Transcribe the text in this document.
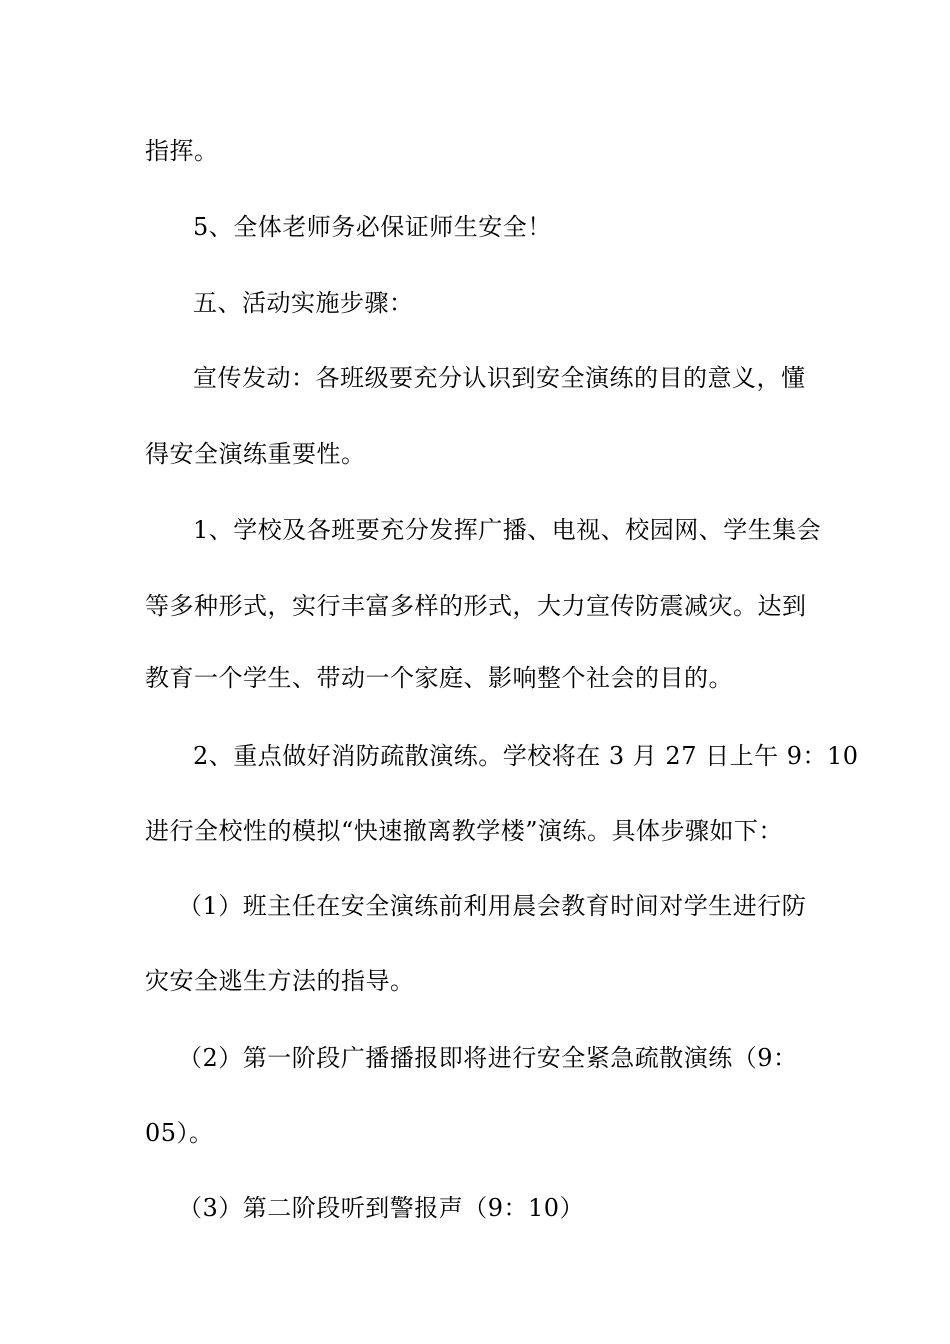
指挥。
5、全体老师务必保证师生安全！
五、活动实施步骤：
宣传发动：各班级要充分认识到安全演练的目的意义，懂
得安全演练重要性。
1、学校及各班要充分发挥广播、电视、校园网、学生集会
等多种形式，实行丰富多样的形式，大力宣传防震减灾。达到
教育一个学生、带动一个家庭、影响整个社会的目的。
2、重点做好消防疏散演练。学校将在 3 月 27 日上午 9：10
进行全校性的模拟“快速撤离教学楼”演练。具体步骤如下：
（1）班主任在安全演练前利用晨会教育时间对学生进行防
灾安全逃生方法的指导。
（2）第一阶段广播播报即将进行安全紧急疏散演练（9：
05）。
（3）第二阶段听到警报声（9：10）
